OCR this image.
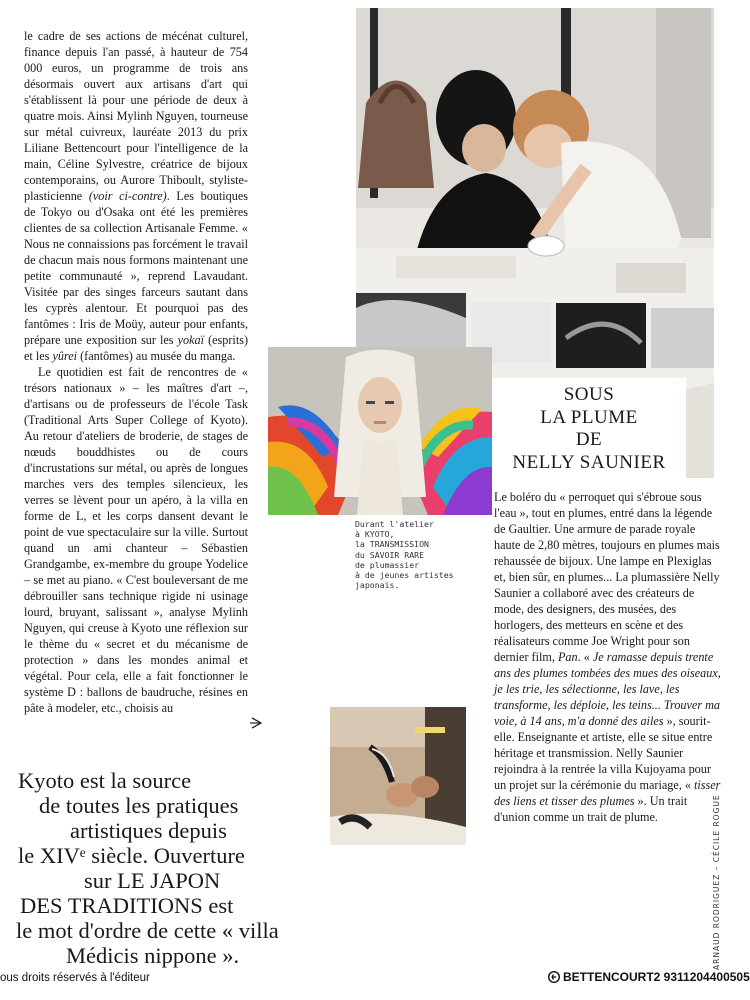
le cadre de ses actions de mécénat culturel, finance depuis l'an passé, à hauteur de 754 000 euros, un programme de trois ans désormais ouvert aux artisans d'art qui s'établissent là pour une période de deux à quatre mois. Ainsi Mylinh Nguyen, tourneuse sur métal cuivreux, lauréate 2013 du prix Liliane Bettencourt pour l'intelligence de la main, Céline Sylvestre, créatrice de bijoux contemporains, ou Aurore Thiboult, styliste-plasticienne (voir ci-contre). Les boutiques de Tokyo ou d'Osaka ont été les premières clientes de sa collection Artisanale Femme. « Nous ne connaissions pas forcément le travail de chacun mais nous formons maintenant une petite communauté », reprend Lavaudant. Visitée par des singes farceurs sautant dans les cyprès alentour. Et pourquoi pas des fantômes : Iris de Moüy, auteur pour enfants, prépare une exposition sur les yokaï (esprits) et les yûrei (fantômes) au musée du manga.

Le quotidien est fait de rencontres de « trésors nationaux » – les maîtres d'art –, d'artisans ou de professeurs de l'école Task (Traditional Arts Super College of Kyoto). Au retour d'ateliers de broderie, de stages de nœuds bouddhistes ou de cours d'incrustations sur métal, ou après de longues marches vers des temples silencieux, les verres se lèvent pour un apéro, à la villa en forme de L, et les corps dansent devant le point de vue spectaculaire sur la ville. Surtout quand un ami chanteur – Sébastien Grandgambe, ex-membre du groupe Yodelice – se met au piano. « C'est bouleversant de me débrouiller sans technique rigide ni usinage lourd, bruyant, salissant », analyse Mylinh Nguyen, qui creuse à Kyoto une réflexion sur le thème du « secret et du mécanisme de protection » dans les mondes animal et végétal. Pour cela, elle a fait fonctionner le système D : ballons de baudruche, résines en pâte à modeler, etc., choisis au

Kyoto est la source
de toutes les pratiques
artistiques depuis
le XIVᵉ siècle. Ouverture
sur LE JAPON
DES TRADITIONS est
le mot d'ordre de cette « villa
Médicis nippone ».
SOUS
LA PLUME
DE
NELLY SAUNIER
Durant l'atelier
à KYOTO,
la TRANSMISSION
du SAVOIR RARE
de plumassier
à de jeunes artistes
japonais.
Le boléro du « perroquet qui s'ébroue sous l'eau », tout en plumes, entré dans la légende de Gaultier. Une armure de parade royale haute de 2,80 mètres, toujours en plumes mais rehaussée de bijoux. Une lampe en Plexiglas et, bien sûr, en plumes... La plumassière Nelly Saunier a collaboré avec des créateurs de mode, des designers, des musées, des horlogers, des metteurs en scène et des réalisateurs comme Joe Wright pour son dernier film, Pan. « Je ramasse depuis trente ans des plumes tombées des mues des oiseaux, je les trie, les sélectionne, les lave, les transforme, les déploie, les teins... Trouver ma voie, à 14 ans, m'a donné des ailes », sourit-elle. Enseignante et artiste, elle se situe entre héritage et transmission. Nelly Saunier rejoindra à la rentrée la villa Kujoyama pour un projet sur la cérémonie du mariage, « tisser des liens et tisser des plumes ». Un trait d'union comme un trait de plume.	ARNAUD RODRIGUEZ – CÉCILE ROGUE –
ous droits réservés à l'éditeur	BETTENCOURT2 9311204400505
